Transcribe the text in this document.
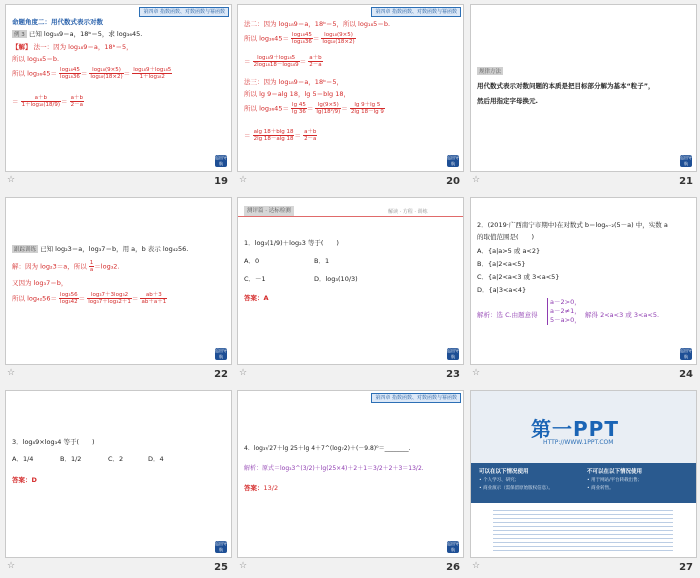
第四章 指数函数、对数函数与幂函数
命题角度二：用代数式表示对数
例 3 已知 log₁₈9＝a，18ᵇ＝5，求 log₃₆45.
【解】 法一：因为 log₁₈9＝a，18ᵇ＝5，
所以 log₁₈5＝b.
所以 $\log_{36}45= \frac{\text{log₁₈45}}{\text{log₁₈36}} = \frac{\text{log₁₈(9×5)}}{\text{log₁₈(18×2)}} = \frac{\text{log₁₈9＋log₁₈5}}{\text{1＋log₁₈2}}$
＝ $\frac{a+b}{\text{1＋log₁₈(18/9)}} = \frac{a+b}{2-a}$
返回导航
☆	19
第四章 指数函数、对数函数与幂函数
法二：因为 log₁₈9＝a，18ᵇ＝5，所以 log₁₈5＝b.
所以 $\log_{36}45= \frac{\text{log₁₈45}}{\text{log₁₈36}} = \frac{\text{log₁₈(9×5)}}{\text{log₁₈(18×2)}}$
＝ $\frac{\text{log₁₈9＋log₁₈5}}{\text{2log₁₈18－log₁₈9}} = \frac{a+b}{2-a}$
法三：因为 log₁₈9＝a，18ᵇ＝5，
所以 lg 9＝alg 18，lg 5＝blg 18，
所以 $\log_{36}45= \frac{\lg 45}{\lg 36} = \frac{\lg(9\times 5)}{\text{lg(18²/9)}} = \frac{\lg 9+\lg 5}{2\lg 18-\lg 9}$
＝ $\frac{alg 18+blg 18}{2\lg 18-alg 18} = \frac{a+b}{2-a}$
返回导航
☆	20
规律方法
用代数式表示对数问题的本质是把目标部分解为基本“粒子”，
然后用指定字母换元.
返回导航
☆	21
跟踪训练 已知 log₂3＝a，log₃7＝b，用 a，b 表示 log₄₂56.
解：因为 log₂3＝a，所以 $\frac{1}{a} =\log_32$.
又因为 log₃7＝b，
所以 $\log_{42}56= \frac{\text{log₃56}}{\text{log₃42}} = \frac{\text{log₃7＋3log₃2}}{\text{log₃7＋log₃2＋1}} = \frac{ab+3}{ab+a+1}$
返回导航
☆	22
测评篇 · 达标检测	解读 · 方程 · 训练
1．log₃(1/9)＋log₂3 等于(　　)
A．0	B．1
C．－1	D．log₃(10/3)
答案：A
返回导航
☆	23
2．(2019·广西南宁市期中)在对数式 b＝logₐ₋₂(5－a) 中，实数 a
的取值范围是(　　)
A．{a|a>5 或 a<2}
B．{a|2<a<5}
C．{a|2<a<3 或 3<a<5}
D．{a|3<a<4}
解析：选 C.由题意得
a－2>0，
a－2≠1，
5－a>0，
解得 2<a<3 或 3<a<5.
返回导航
☆	24
3．log₈9×log₃4 等于(　　)
A．1/4	B．1/2	C．2	D．4
答案：D
返回导航
☆	25
第四章 指数函数、对数函数与幂函数
4．log₃√27＋lg 25＋lg 4＋7^(log₇2)＋(－9.8)⁰＝________.
解析：原式＝log₃3^(3/2)＋lg(25×4)＋2＋1＝3/2＋2＋3＝13/2.
答案：13/2
返回导航
☆	26
第一PPT
HTTP://WWW.1PPT.COM
可以在以下情况使用
• 个人学习、研究；
• 商业演示（需保留原始版权信息）。
不可以在以下情况使用
• 用于网站/平台转载出售；
• 商业转售。
☆	27
